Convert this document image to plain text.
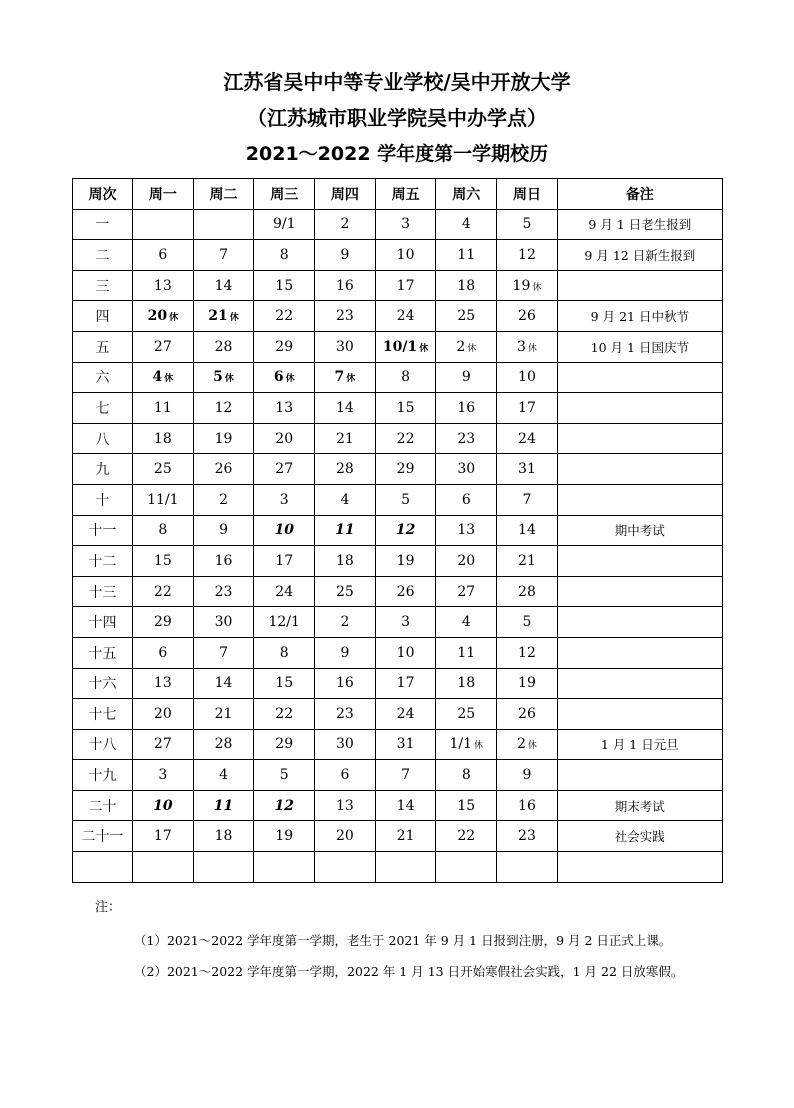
江苏省吴中中等专业学校/吴中开放大学
（江苏城市职业学院吴中办学点）
2021～2022 学年度第一学期校历
周次	周一	周二	周三	周四	周五	周六	周日	备注
一			9/1	2	3	4	5	9 月 1 日老生报到
二	6	7	8	9	10	11	12	9 月 12 日新生报到
三	13	14	15	16	17	18	19 休	
四	20 休	21 休	22	23	24	25	26	9 月 21 日中秋节
五	27	28	29	30	10/1 休	2 休	3 休	10 月 1 日国庆节
六	4 休	5 休	6 休	7 休	8	9	10	
七	11	12	13	14	15	16	17	
八	18	19	20	21	22	23	24	
九	25	26	27	28	29	30	31	
十	11/1	2	3	4	5	6	7	
十一	8	9	10	11	12	13	14	期中考试
十二	15	16	17	18	19	20	21	
十三	22	23	24	25	26	27	28	
十四	29	30	12/1	2	3	4	5	
十五	6	7	8	9	10	11	12	
十六	13	14	15	16	17	18	19	
十七	20	21	22	23	24	25	26	
十八	27	28	29	30	31	1/1 休	2 休	1 月 1 日元旦
十九	3	4	5	6	7	8	9	
二十	10	11	12	13	14	15	16	期末考试
二十一	17	18	19	20	21	22	23	社会实践

注：
（1）2021～2022 学年度第一学期，老生于 2021 年 9 月 1 日报到注册，9 月 2 日正式上课。
（2）2021～2022 学年度第一学期，2022 年 1 月 13 日开始寒假社会实践，1 月 22 日放寒假。
